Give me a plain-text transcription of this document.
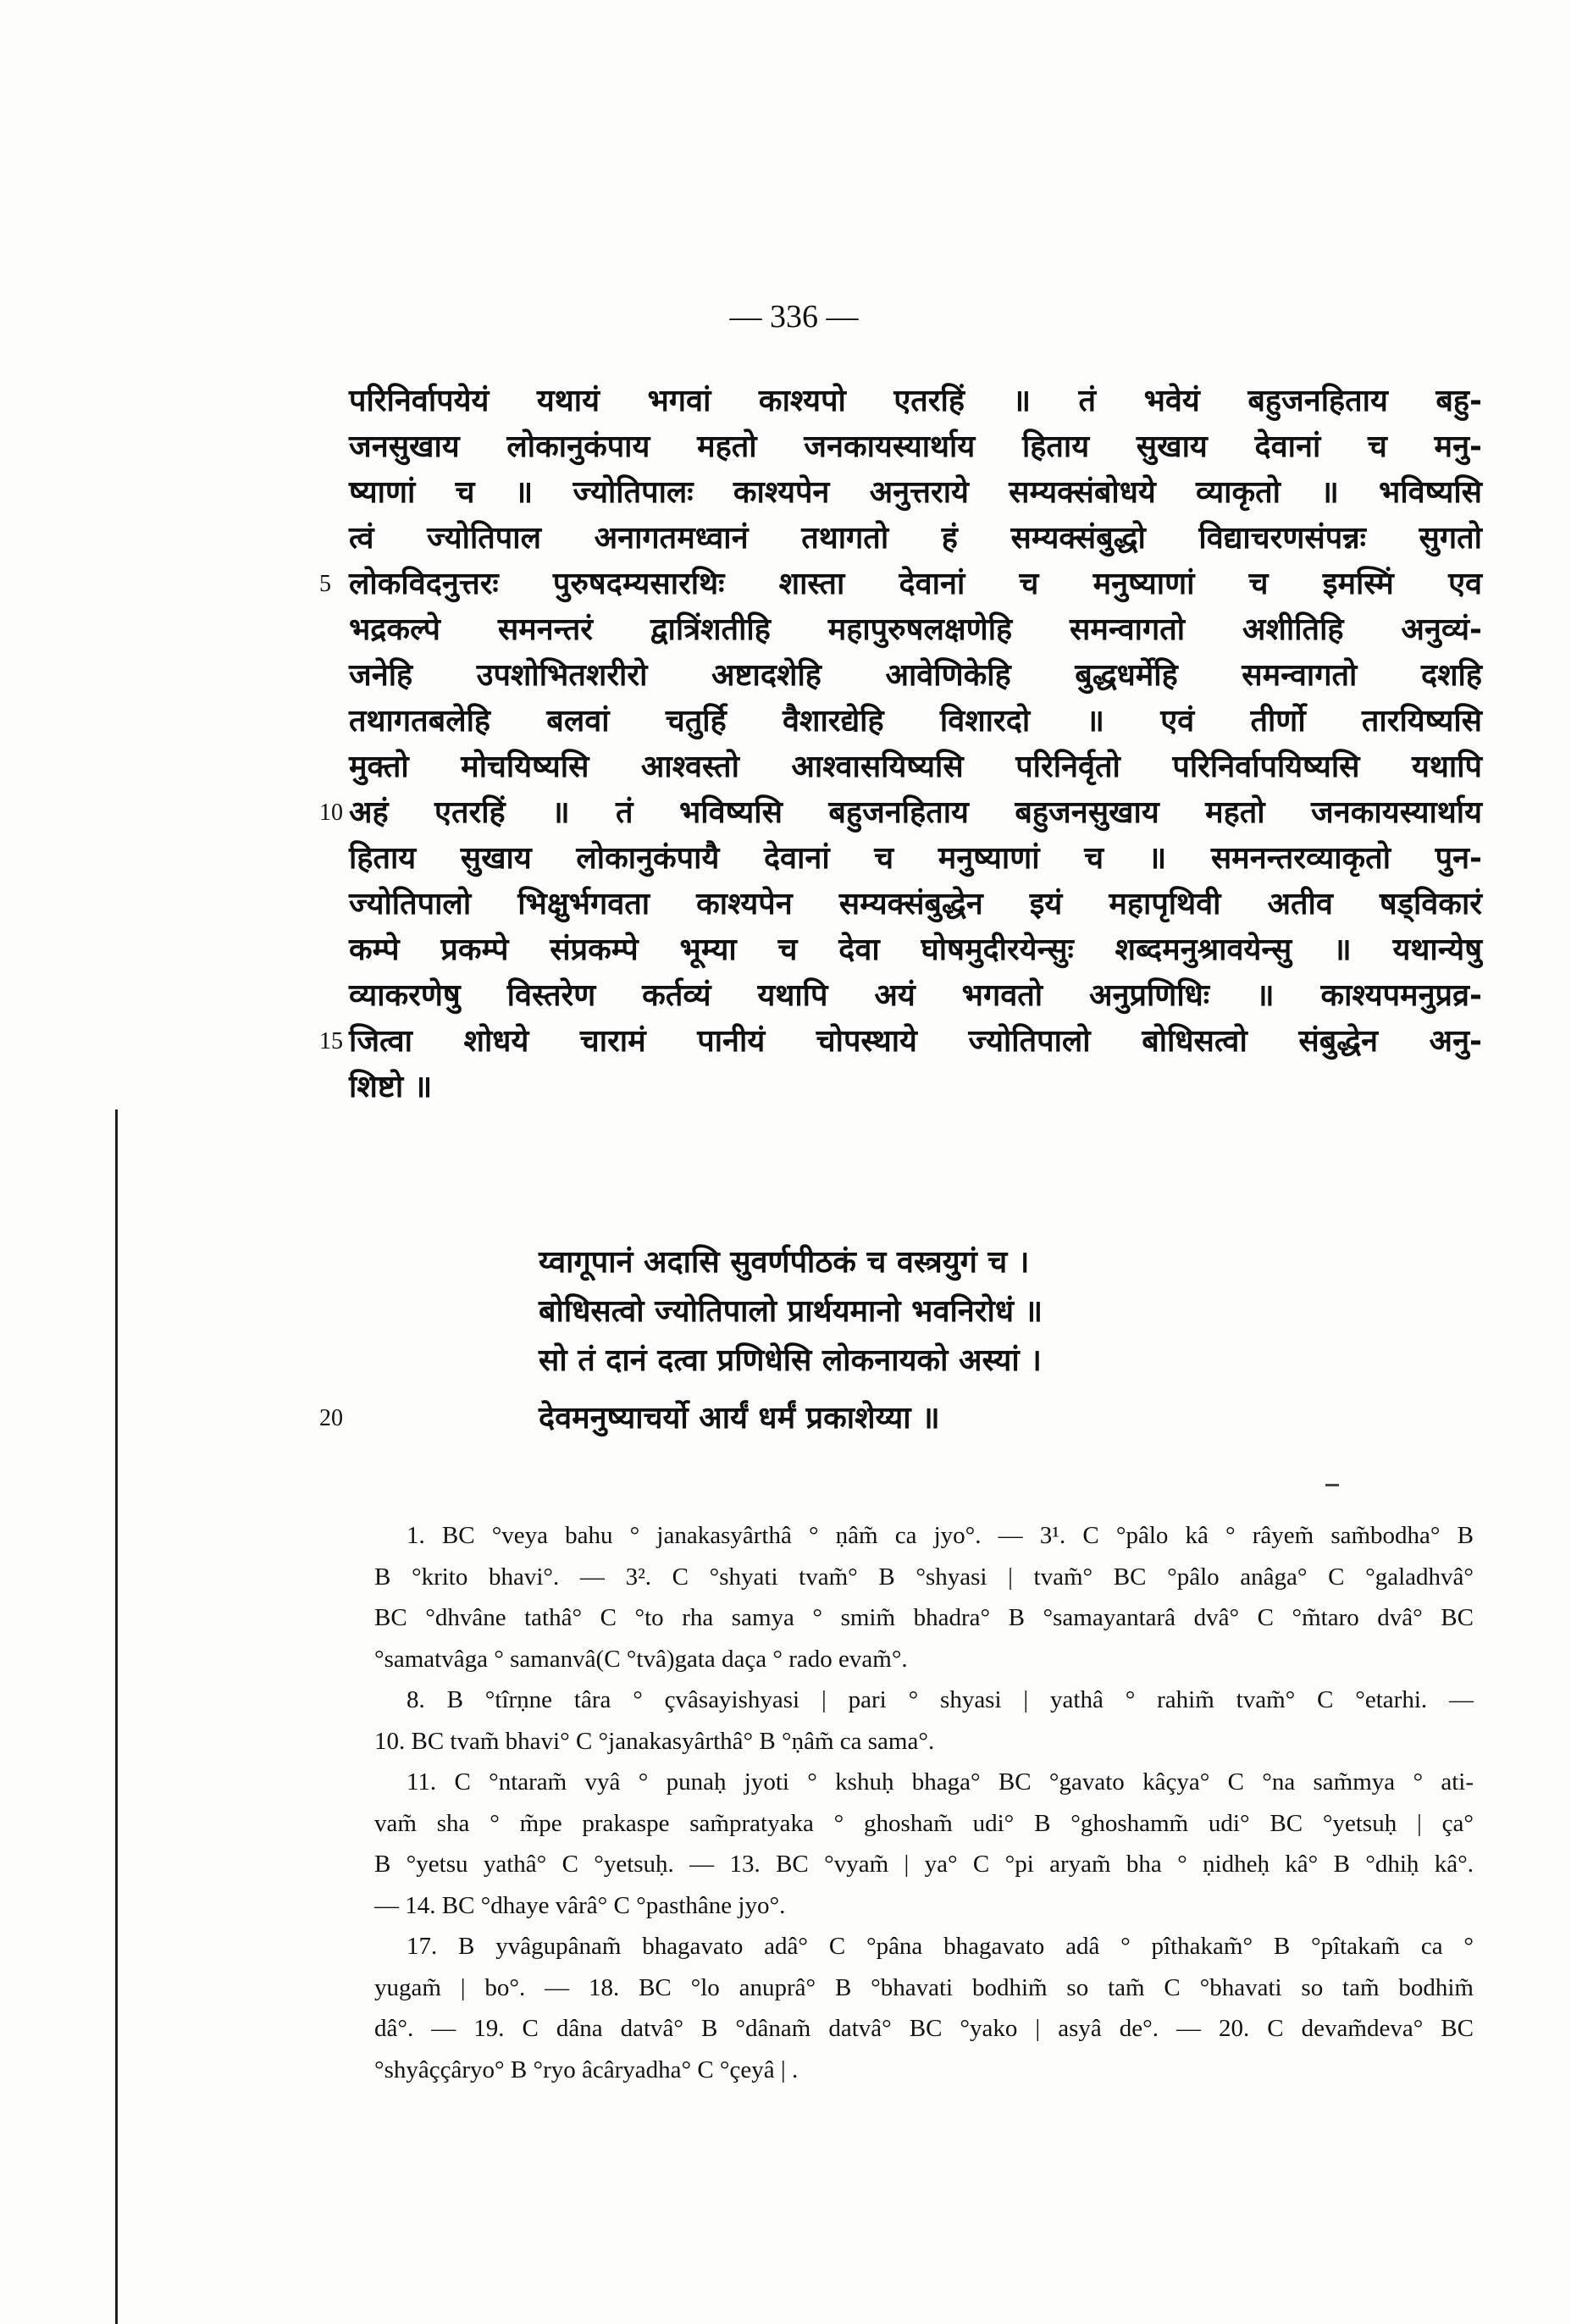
— 336 —
परिनिर्वापयेयं यथायं भगवां काश्यपो एतरहिं ॥ तं भवेयं बहुजनहिताय बहु-
जनसुखाय लोकानुकंपाय महतो जनकायस्यार्थाय हिताय सुखाय देवानां च मनु-
ष्याणां च ॥ ज्योतिपालः काश्यपेन अनुत्तराये सम्यक्संबोधये व्याकृतो ॥ भविष्यसि
त्वं ज्योतिपाल अनागतमध्वानं तथागतो हं सम्यक्संबुद्धो विद्याचरणसंपन्नः सुगतो
5 लोकविदनुत्तरः पुरुषदम्यसारथिः शास्ता देवानां च मनुष्याणां च इमस्मिं एव
भद्रकल्पे समनन्तरं द्वात्रिंशतीहि महापुरुषलक्षणेहि समन्वागतो अशीतिहि अनुव्यं-
जनेहि उपशोभितशरीरो अष्टादशेहि आवेणिकेहि बुद्धधर्मेहि समन्वागतो दशहि
तथागतबलेहि बलवां चतुर्हि वैशारद्येहि विशारदो ॥ एवं तीर्णो तारयिष्यसि
मुक्तो मोचयिष्यसि आश्वस्तो आश्वासयिष्यसि परिनिर्वृतो परिनिर्वापयिष्यसि यथापि
10 अहं एतरहिं ॥ तं भविष्यसि बहुजनहिताय बहुजनसुखाय महतो जनकायस्यार्थाय
हिताय सुखाय लोकानुकंपायै देवानां च मनुष्याणां च ॥ समनन्तरव्याकृतो पुन-
ज्योतिपालो भिक्षुर्भगवता काश्यपेन सम्यक्संबुद्धेन इयं महापृथिवी अतीव षड्विकारं
कम्पे प्रकम्पे संप्रकम्पे भूम्या च देवा घोषमुदीरयेन्सुः शब्दमनुश्रावयेन्सु ॥ यथान्येषु
व्याकरणेषु विस्तरेण कर्तव्यं यथापि अयं भगवतो अनुप्रणिधिः ॥ काश्यपमनुप्रव्र-
15 जित्वा शोधये चारामं पानीयं चोपस्थाये ज्योतिपालो बोधिसत्वो संबुद्धेन अनु-
शिष्टो ॥
य्वागूपानं अदासि सुवर्णपीठकं च वस्त्रयुगं च ।
बोधिसत्वो ज्योतिपालो प्रार्थयमानो भवनिरोधं ॥
सो तं दानं दत्वा प्रणिधेसि लोकनायको अस्यां ।
20	देवमनुष्याचर्यो आर्यं धर्मं प्रकाशेय्या ॥
1. BC °veya bahu ° janakasyârthâ ° ṇâm̃ ca jyo°. — 3¹. C °pâlo kâ ° râyem̃ sam̃bodha° B
B °krito bhavi°. — 3². C °shyati tvam̃° B °shyasi | tvam̃° BC °pâlo anâga° C °galadhvâ°
BC °dhvâne tathâ° C °to rha samya ° smim̃ bhadra° B °samayantarâ dvâ° C °m̃taro dvâ° BC
°samatvâga ° samanvâ(C °tvâ)gata daça ° rado evam̃°.
8. B °tîrṇne târa ° çvâsayishyasi | pari ° shyasi | yathâ ° rahim̃ tvam̃° C °etarhi. —
10. BC tvam̃ bhavi° C °janakasyârthâ° B °ṇâm̃ ca sama°.
11. C °ntaram̃ vyâ ° punaḥ jyoti ° kshuḥ bhaga° BC °gavato kâçya° C °na sam̃mya ° ati-
vam̃ sha ° m̃pe prakaspe sam̃pratyaka ° ghosham̃ udi° B °ghoshamm̃ udi° BC °yetsuḥ | ça°
B °yetsu yathâ° C °yetsuḥ. — 13. BC °vyam̃ | ya° C °pi aryam̃ bha ° ṇidheḥ kâ° B °dhiḥ kâ°.
— 14. BC °dhaye vârâ° C °pasthâne jyo°.
17. B yvâgupânam̃ bhagavato adâ° C °pâna bhagavato adâ ° pîthakam̃° B °pîtakam̃ ca °
yugam̃ | bo°. — 18. BC °lo anuprâ° B °bhavati bodhim̃ so tam̃ C °bhavati so tam̃ bodhim̃
dâ°. — 19. C dâna datvâ° B °dânam̃ datvâ° BC °yako | asyâ de°. — 20. C devam̃deva° BC
°shyâççâryo° B °ryo âcâryadha° C °çeyâ | .
